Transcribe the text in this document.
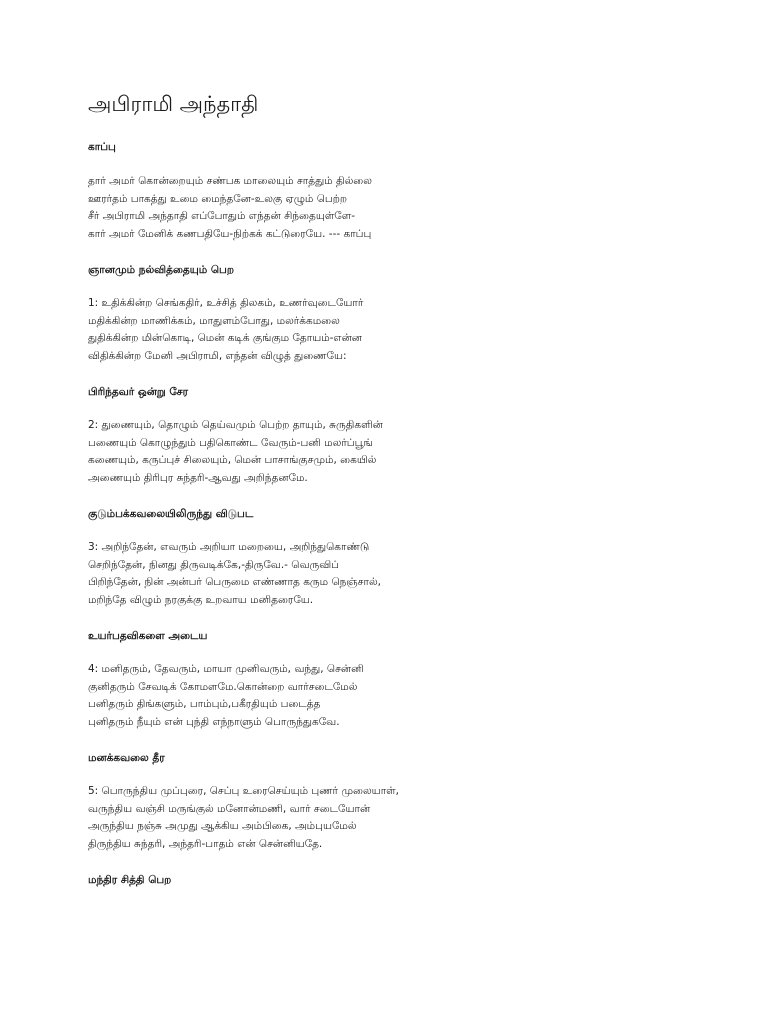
அபிராமி அந்தாதி
காப்பு
தார் அமர் கொன்றையும் சண்பக மாலையும் சாத்தும் தில்லை
ஊரர்தம் பாகத்து உமை மைந்தனே-உலகு ஏழும் பெற்ற
சீர் அபிராமி அந்தாதி எப்போதும் எந்தன் சிந்தையுள்ளே-
கார் அமர் மேனிக் கணபதியே-நிற்கக் கட்டுரையே. --- காப்பு
ஞானமும் நல்வித்தையும் பெற
1: உதிக்கின்ற செங்கதிர், உச்சித் திலகம், உணர்வுடையோர்
மதிக்கின்ற மாணிக்கம், மாதுளம்போது, மலர்க்கமலை
துதிக்கின்ற மின்கொடி, மென் கடிக் குங்கும தோயம்-என்ன
விதிக்கின்ற மேனி அபிராமி, எந்தன் விழுத் துணையே:
பிரிந்தவர் ஒன்று சேர
2: துணையும், தொழும் தெய்வமும் பெற்ற தாயும், சுருதிகளின்
பணையும் கொழுந்தும் பதிகொண்ட வேரும்-பனி மலர்ப்பூங்
கணையும், கருப்புச் சிலையும், மென் பாசாங்குசமும், கையில்
அணையும் திரிபுர சுந்தரி-ஆவது அறிந்தனமே.
குடும்பக்கவலையிலிருந்து விடுபட
3: அறிந்தேன், எவரும் அறியா மறையை, அறிந்துகொண்டு
செறிந்தேன், நினது திருவடிக்கே,-திருவே.- வெருவிப்
பிறிந்தேன், நின் அன்பர் பெருமை எண்ணாத கரும நெஞ்சால்,
மறிந்தே விழும் நரகுக்கு உறவாய மனிதரையே.
உயர்பதவிகளை அடைய
4: மனிதரும், தேவரும், மாயா முனிவரும், வந்து, சென்னி
குனிதரும் சேவடிக் கோமளமே.கொன்றை வார்சடைமேல்
பனிதரும் திங்களும், பாம்பும்,பகீரதியும் படைத்த
புனிதரும் நீயும் என் புந்தி எந்நாளும் பொருந்துகவே.
மனக்கவலை தீர
5: பொருந்திய முப்புரை, செப்பு உரைசெய்யும் புணர் முலையாள்,
வருந்திய வஞ்சி மருங்குல் மனோன்மணி, வார் சடையோன்
அருந்திய நஞ்சு அமுது ஆக்கிய அம்பிகை, அம்புயமேல்
திருந்திய சுந்தரி, அந்தரி-பாதம் என் சென்னியதே.
மந்திர சித்தி பெற
